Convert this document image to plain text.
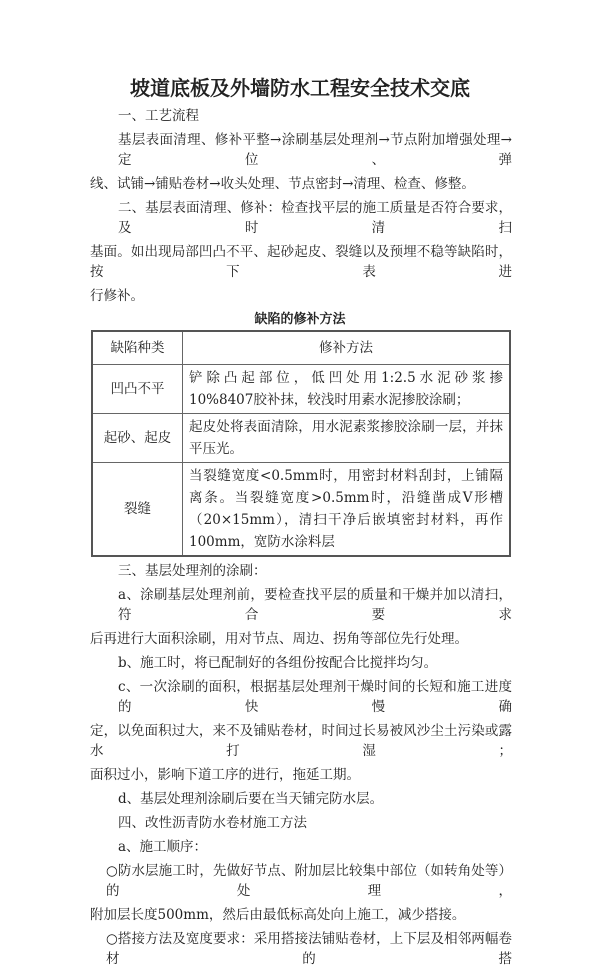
坡道底板及外墙防水工程安全技术交底
一、工艺流程
基层表面清理、修补平整→涂刷基层处理剂→节点附加增强处理→定位、弹
线、试铺→铺贴卷材→收头处理、节点密封→清理、检查、修整。
二、基层表面清理、修补：检查找平层的施工质量是否符合要求，及时清扫
基面。如出现局部凹凸不平、起砂起皮、裂缝以及预埋不稳等缺陷时，按下表进
行修补。
缺陷的修补方法
缺陷种类	修补方法
凹凸不平	铲除凸起部位，低凹处用1:2.5水泥砂浆掺10%8407胶补抹，较浅时用素水泥掺胶涂刷；
起砂、起皮	起皮处将表面清除，用水泥素浆掺胶涂刷一层，并抹平压光。
裂缝	当裂缝宽度<0.5mm时，用密封材料刮封，上铺隔离条。当裂缝宽度>0.5mm时，沿缝凿成V形槽（20×15mm），清扫干净后嵌填密封材料，再作100mm，宽防水涂料层
三、基层处理剂的涂刷：
a、涂刷基层处理剂前，要检查找平层的质量和干燥并加以清扫，符合要求
后再进行大面积涂刷，用对节点、周边、拐角等部位先行处理。
b、施工时，将已配制好的各组份按配合比搅拌均匀。
c、一次涂刷的面积，根据基层处理剂干燥时间的长短和施工进度的快慢确
定，以免面积过大，来不及铺贴卷材，时间过长易被风沙尘土污染或露水打湿；
面积过小，影响下道工序的进行，拖延工期。
d、基层处理剂涂刷后要在当天铺完防水层。
四、改性沥青防水卷材施工方法
a、施工顺序：
○防水层施工时，先做好节点、附加层比较集中部位（如转角处等）的处理，
附加层长度500mm，然后由最低标高处向上施工，减少搭接。
○搭接方法及宽度要求：采用搭接法铺贴卷材，上下层及相邻两幅卷材的搭
